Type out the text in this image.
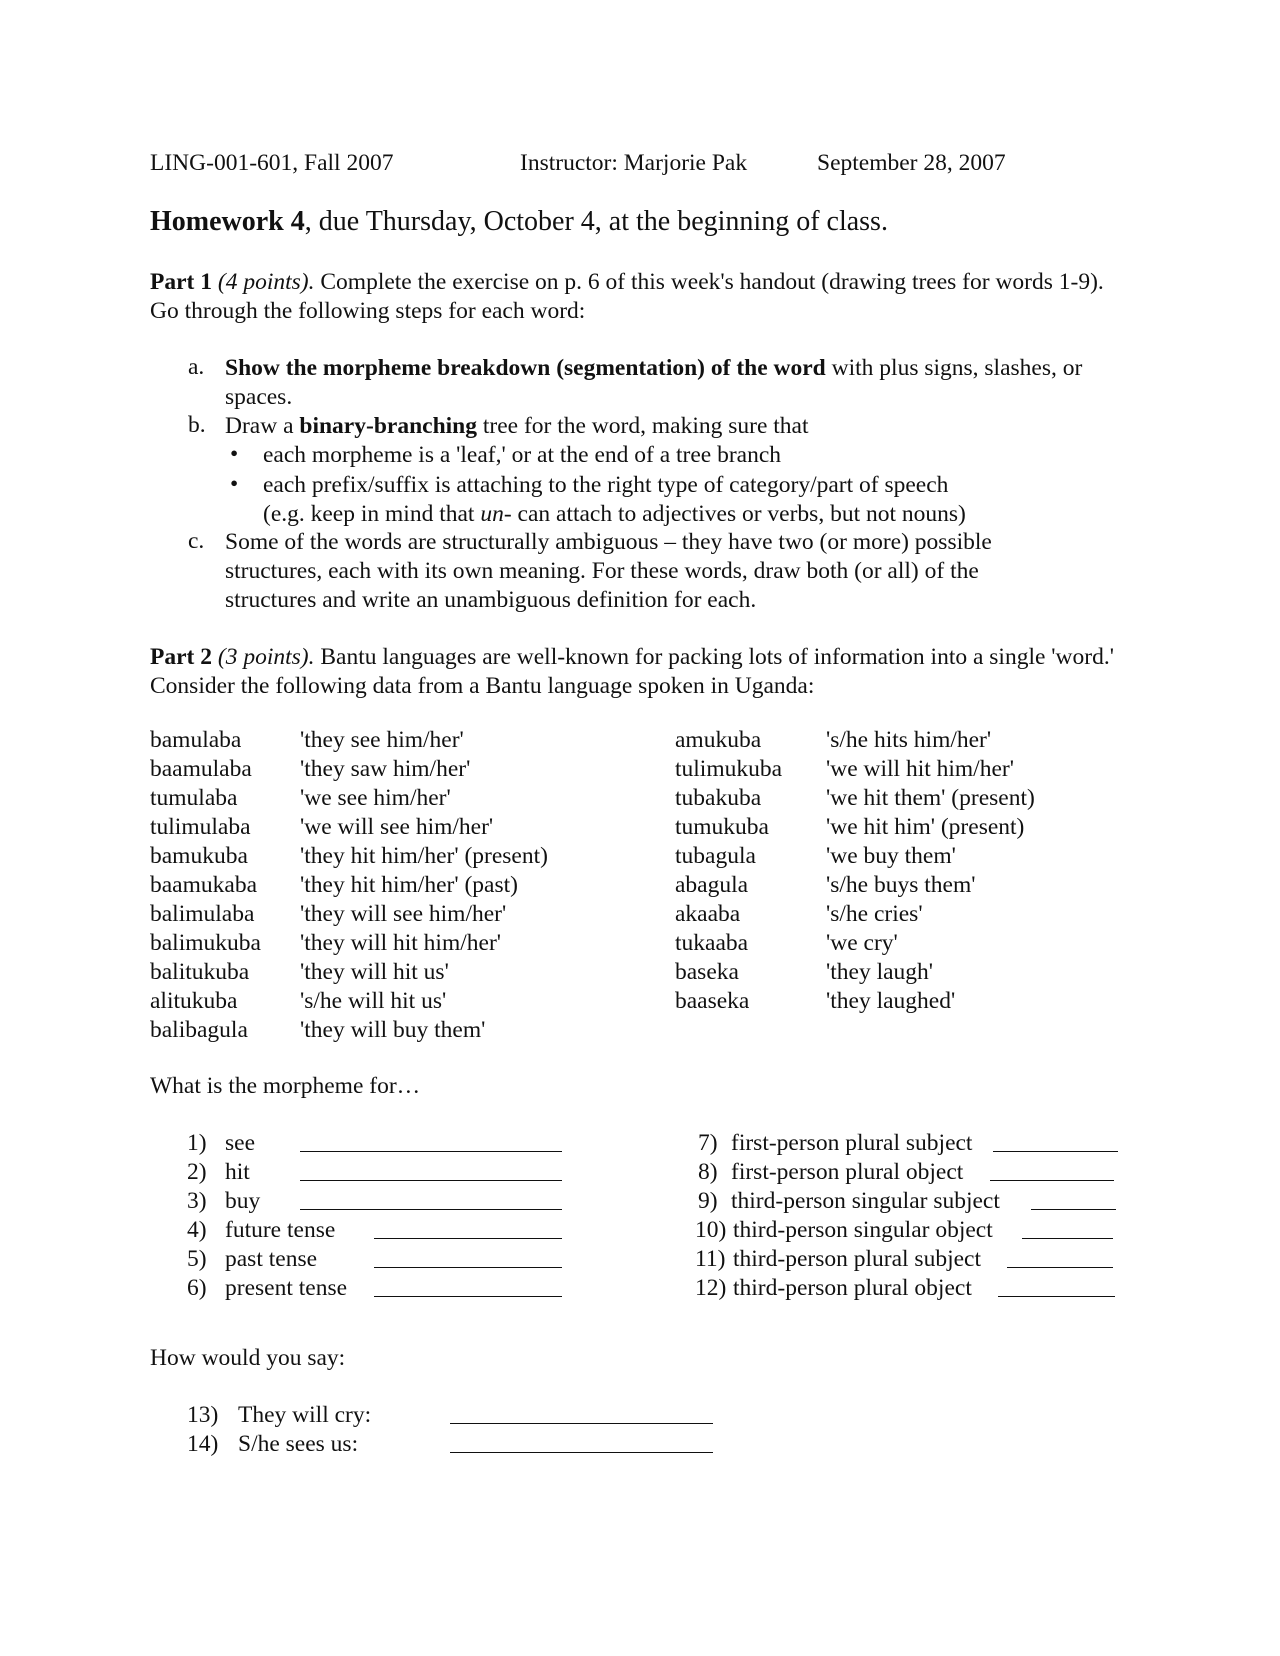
LING-001-601, Fall 2007	Instructor: Marjorie Pak	September 28, 2007
Homework 4, due Thursday, October 4, at the beginning of class.
Part 1 (4 points). Complete the exercise on p. 6 of this week's handout (drawing trees for words 1-9). Go through the following steps for each word:
a. Show the morpheme breakdown (segmentation) of the word with plus signs, slashes, or spaces.
b. Draw a binary-branching tree for the word, making sure that
• each morpheme is a 'leaf,' or at the end of a tree branch
• each prefix/suffix is attaching to the right type of category/part of speech
(e.g. keep in mind that un- can attach to adjectives or verbs, but not nouns)
c. Some of the words are structurally ambiguous – they have two (or more) possible structures, each with its own meaning. For these words, draw both (or all) of the structures and write an unambiguous definition for each.
Part 2 (3 points). Bantu languages are well-known for packing lots of information into a single 'word.' Consider the following data from a Bantu language spoken in Uganda:
bamulaba 'they see him/her'
baamulaba 'they saw him/her'
tumulaba	'we see him/her'
tulimulaba 'we will see him/her'
bamukuba 'they hit him/her' (present)
baamukaba 'they hit him/her' (past)
balimulaba 'they will see him/her'
balimukuba 'they will hit him/her'
balitukuba 'they will hit us'
alitukuba	's/he will hit us'
balibagula 'they will buy them'
amukuba	's/he hits him/her'
tulimukuba 'we will hit him/her'
tubakuba	'we hit them' (present)
tumukuba 'we hit him' (present)
tubagula	'we buy them'
abagula	's/he buys them'
akaaba	's/he cries'
tukaaba	'we cry'
baseka	'they laugh'
baaseka	'they laughed'
What is the morpheme for…
1) see
2) hit
3) buy
4) future tense
5) past tense
6) present tense
7) first-person plural subject
8) first-person plural object
9) third-person singular subject
10) third-person singular object
11) third-person plural subject
12) third-person plural object
How would you say:
13) They will cry:
14) S/he sees us:
